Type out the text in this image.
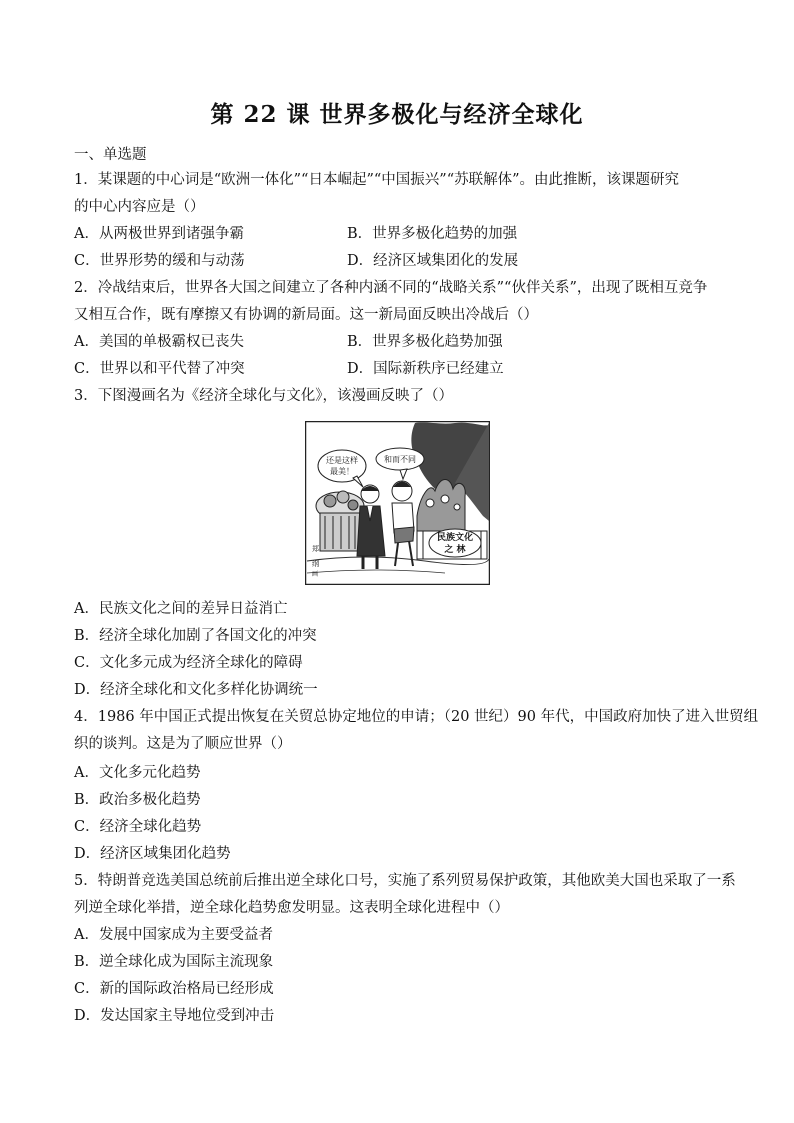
第 22 课 世界多极化与经济全球化
一、单选题
1．某课题的中心词是“欧洲一体化”“日本崛起”“中国振兴”“苏联解体”。由此推断，该课题研究
的中心内容应是（）
A．从两极世界到诸强争霸	B．世界多极化趋势的加强
C．世界形势的缓和与动荡	D．经济区域集团化的发展
2．冷战结束后，世界各大国之间建立了各种内涵不同的“战略关系”“伙伴关系”，出现了既相互竞争
又相互合作，既有摩擦又有协调的新局面。这一新局面反映出冷战后（）
A．美国的单极霸权已丧失	B．世界多极化趋势加强
C．世界以和平代替了冲突	D．国际新秩序已经建立
3．下图漫画名为《经济全球化与文化》，该漫画反映了（）
民族文化
之 林
还是这样
最美！
和而不同
郑
纲
画
A．民族文化之间的差异日益消亡
B．经济全球化加剧了各国文化的冲突
C．文化多元成为经济全球化的障碍
D．经济全球化和文化多样化协调统一
4．1986 年中国正式提出恢复在关贸总协定地位的申请；（20 世纪）90 年代，中国政府加快了进入世贸组
织的谈判。这是为了顺应世界（）
A．文化多元化趋势
B．政治多极化趋势
C．经济全球化趋势
D．经济区域集团化趋势
5．特朗普竞选美国总统前后推出逆全球化口号，实施了系列贸易保护政策，其他欧美大国也采取了一系
列逆全球化举措，逆全球化趋势愈发明显。这表明全球化进程中（）
A．发展中国家成为主要受益者
B．逆全球化成为国际主流现象
C．新的国际政治格局已经形成
D．发达国家主导地位受到冲击
